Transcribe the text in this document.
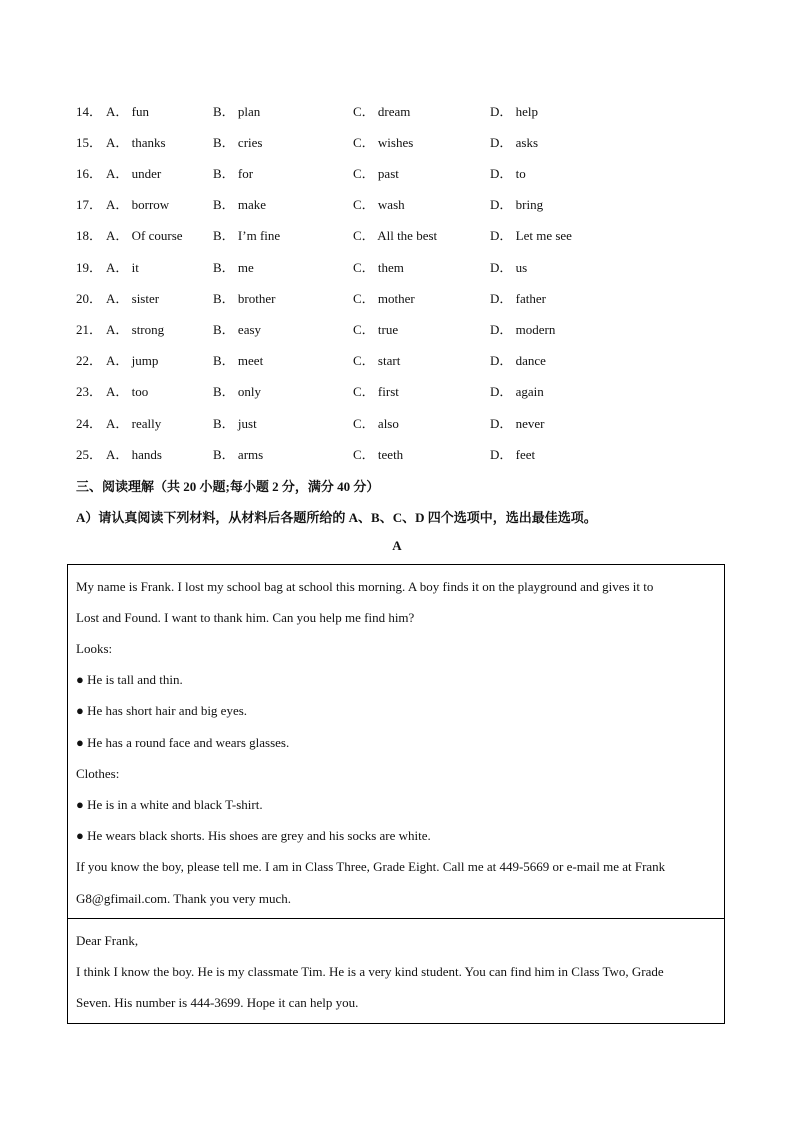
14． A． fun	B． plan	C． dream	D． help
15． A． thanks	B． cries	C． wishes	D． asks
16． A． under	B． for	C． past	D． to
17． A． borrow	B． make	C． wash	D． bring
18． A． Of course B． I’m fine	C． All the best	D． Let me see
19． A． it	B． me	C． them	D． us
20． A． sister	B． brother	C． mother	D． father
21． A． strong	B． easy	C． true	D． modern
22． A． jump	B． meet	C． start	D． dance
23． A． too	B． only	C． first	D． again
24． A． really	B． just	C． also	D． never
25． A． hands	B． arms	C． teeth	D． feet
三、阅读理解（共 20 小题;每小题 2 分，满分 40 分）
A）请认真阅读下列材料，从材料后各题所给的 A、B、C、D 四个选项中，选出最佳选项。
A
My name is Frank. I lost my school bag at school this morning. A boy finds it on the playground and gives it to
Lost and Found. I want to thank him. Can you help me find him?
Looks:
● He is tall and thin.
● He has short hair and big eyes.
● He has a round face and wears glasses.
Clothes:
● He is in a white and black T-shirt.
● He wears black shorts. His shoes are grey and his socks are white.
If you know the boy, please tell me. I am in Class Three, Grade Eight. Call me at 449-5669 or e-mail me at Frank
G8@gfimail.com. Thank you very much.
Dear Frank,
I think I know the boy. He is my classmate Tim. He is a very kind student. You can find him in Class Two, Grade
Seven. His number is 444-3699. Hope it can help you.
